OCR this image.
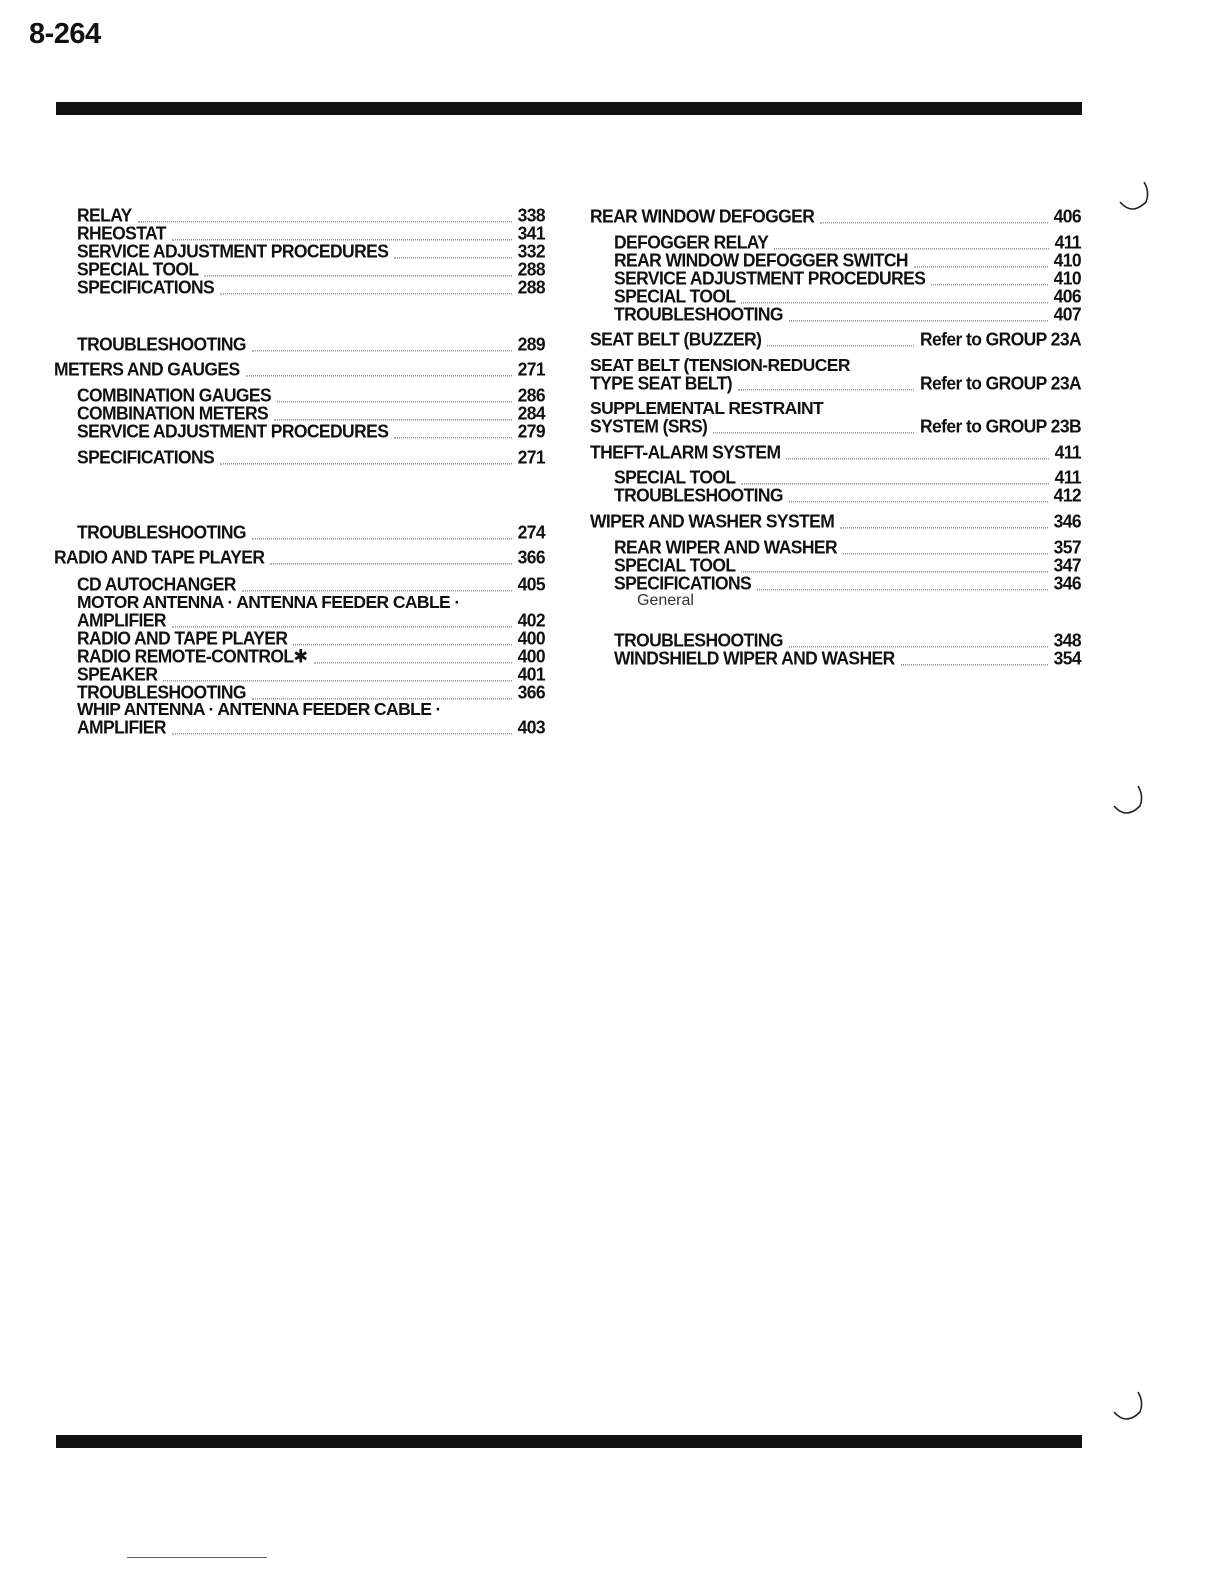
8-264
RELAY	338
RHEOSTAT	341
SERVICE ADJUSTMENT PROCEDURES	332
SPECIAL TOOL	288
SPECIFICATIONS	288
TROUBLESHOOTING	289
METERS AND GAUGES	271
COMBINATION GAUGES	286
COMBINATION METERS	284
SERVICE ADJUSTMENT PROCEDURES	279
SPECIFICATIONS	271
TROUBLESHOOTING	274
RADIO AND TAPE PLAYER	366
CD AUTOCHANGER	405
MOTOR ANTENNA · ANTENNA FEEDER CABLE ·
AMPLIFIER	402
RADIO AND TAPE PLAYER	400
RADIO REMOTE-CONTROL✱	400
SPEAKER	401
TROUBLESHOOTING	366
WHIP ANTENNA · ANTENNA FEEDER CABLE ·
AMPLIFIER	403
REAR WINDOW DEFOGGER	406
DEFOGGER RELAY	411
REAR WINDOW DEFOGGER SWITCH	410
SERVICE ADJUSTMENT PROCEDURES	410
SPECIAL TOOL	406
TROUBLESHOOTING	407
SEAT BELT (BUZZER)	Refer to GROUP 23A
SEAT BELT (TENSION-REDUCER
TYPE SEAT BELT)	Refer to GROUP 23A
SUPPLEMENTAL RESTRAINT
SYSTEM (SRS)	Refer to GROUP 23B
THEFT-ALARM SYSTEM	411
SPECIAL TOOL	411
TROUBLESHOOTING	412
WIPER AND WASHER SYSTEM	346
REAR WIPER AND WASHER	357
SPECIAL TOOL	347
SPECIFICATIONS	346
General
TROUBLESHOOTING	348
WINDSHIELD WIPER AND WASHER	354
